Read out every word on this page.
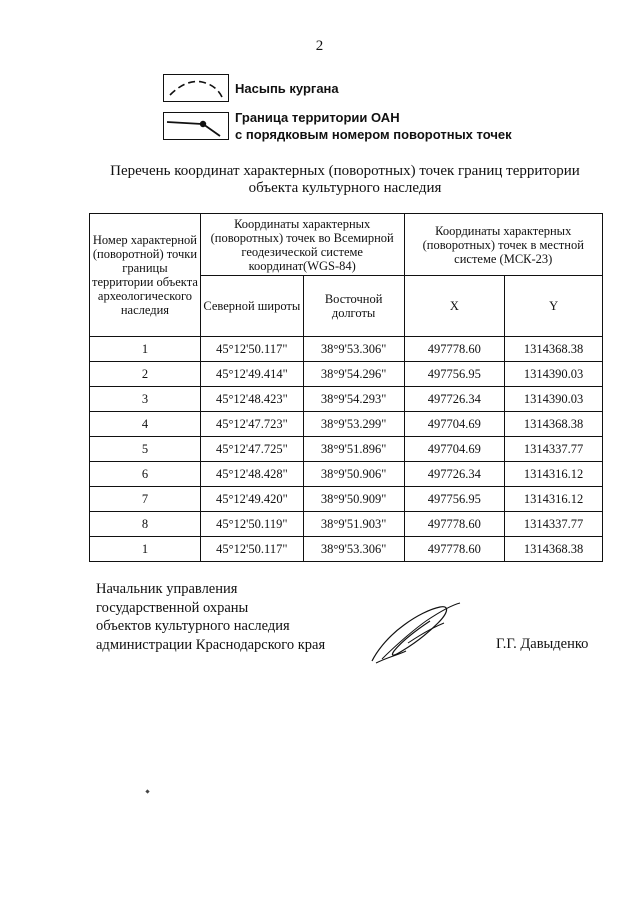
2
Насыпь кургана
Граница территории ОАН
с порядковым номером поворотных точек
Перечень координат характерных (поворотных) точек границ территории
объекта культурного наследия
Номер характерной (поворотной) точки границы территории объекта археологического наследия	Координаты характерных (поворотных) точек во Всемирной геодезической системе координат(WGS-84)		Координаты характерных (поворотных) точек в местной системе (МСК-23)	
	Северной широты	Восточной долготы	X	Y
1	45°12'50.117"	38°9'53.306"	497778.60	1314368.38
2	45°12'49.414"	38°9'54.296"	497756.95	1314390.03
3	45°12'48.423"	38°9'54.293"	497726.34	1314390.03
4	45°12'47.723"	38°9'53.299"	497704.69	1314368.38
5	45°12'47.725"	38°9'51.896"	497704.69	1314337.77
6	45°12'48.428"	38°9'50.906"	497726.34	1314316.12
7	45°12'49.420"	38°9'50.909"	497756.95	1314316.12
8	45°12'50.119"	38°9'51.903"	497778.60	1314337.77
1	45°12'50.117"	38°9'53.306"	497778.60	1314368.38
Начальник управления
государственной охраны
объектов культурного наследия
администрации Краснодарского края	Г.Г. Давыденко
